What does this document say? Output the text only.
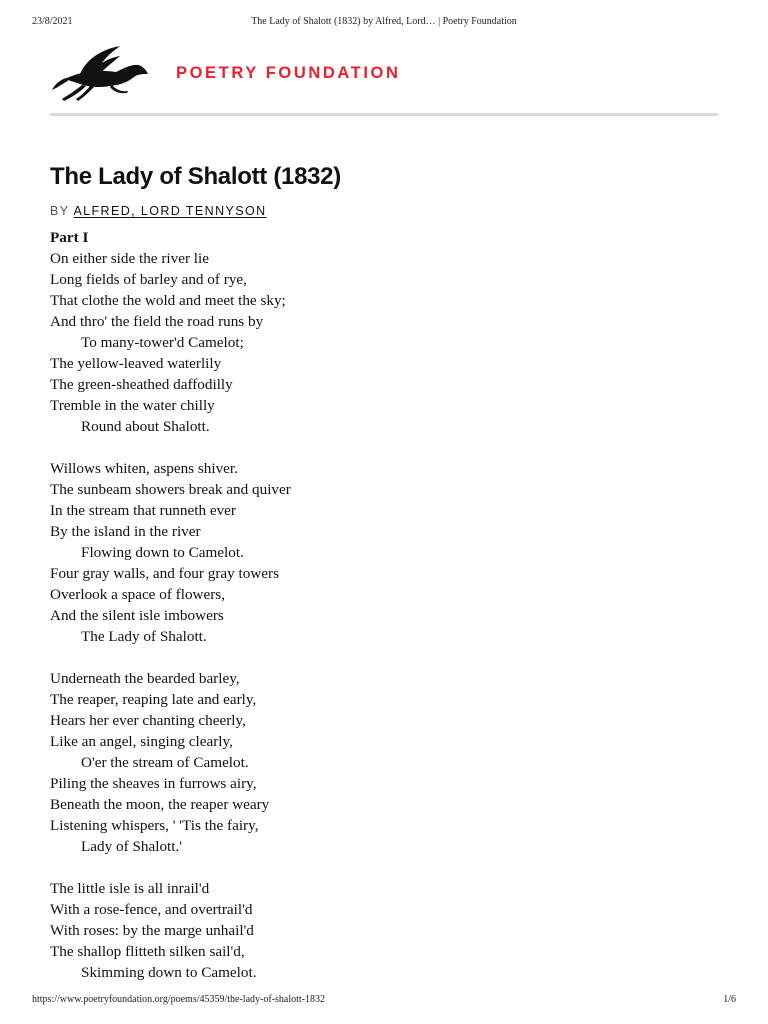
23/8/2021	The Lady of Shalott (1832) by Alfred, Lord… | Poetry Foundation
POETRY FOUNDATION
The Lady of Shalott (1832)
BY ALFRED, LORD TENNYSON
Part I
On either side the river lie
Long fields of barley and of rye,
That clothe the wold and meet the sky;
And thro' the field the road runs by
To many-tower'd Camelot;
The yellow-leaved waterlily
The green-sheathed daffodilly
Tremble in the water chilly
Round about Shalott.
Willows whiten, aspens shiver.
The sunbeam showers break and quiver
In the stream that runneth ever
By the island in the river
Flowing down to Camelot.
Four gray walls, and four gray towers
Overlook a space of flowers,
And the silent isle imbowers
The Lady of Shalott.
Underneath the bearded barley,
The reaper, reaping late and early,
Hears her ever chanting cheerly,
Like an angel, singing clearly,
O'er the stream of Camelot.
Piling the sheaves in furrows airy,
Beneath the moon, the reaper weary
Listening whispers, ' 'Tis the fairy,
Lady of Shalott.'
The little isle is all inrail'd
With a rose-fence, and overtrail'd
With roses: by the marge unhail'd
The shallop flitteth silken sail'd,
Skimming down to Camelot.
https://www.poetryfoundation.org/poems/45359/the-lady-of-shalott-1832	1/6
